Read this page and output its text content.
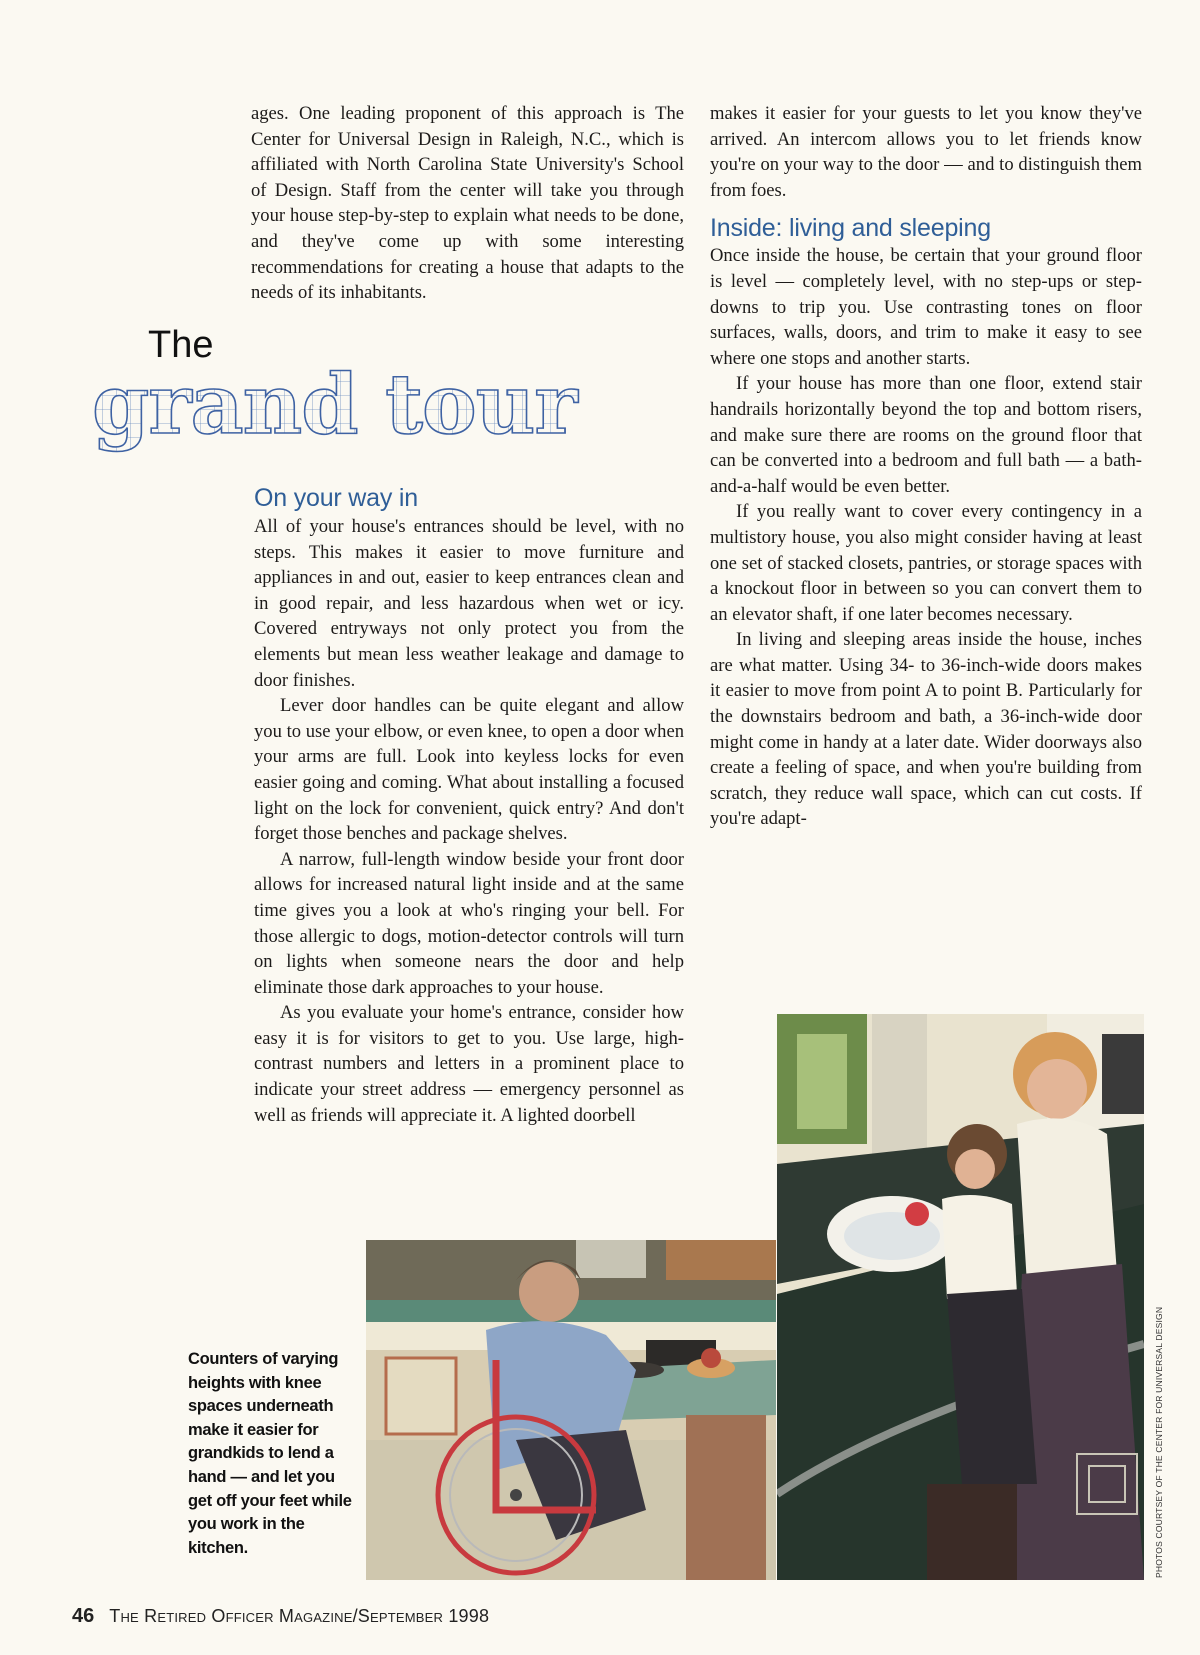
The
grand tour

ages. One leading proponent of this approach is The Center for Universal Design in Raleigh, N.C., which is affiliated with North Carolina State University's School of Design. Staff from the center will take you through your house step-by-step to explain what needs to be done, and they've come up with some interesting recommendations for creating a house that adapts to the needs of its inhabitants.

On your way in

All of your house's entrances should be level, with no steps. This makes it easier to move furniture and appliances in and out, easier to keep entrances clean and in good repair, and less hazardous when wet or icy. Covered entryways not only protect you from the elements but mean less weather leakage and damage to door finishes.

Lever door handles can be quite elegant and allow you to use your elbow, or even knee, to open a door when your arms are full. Look into keyless locks for even easier going and coming. What about installing a focused light on the lock for convenient, quick entry? And don't forget those benches and package shelves.

A narrow, full-length window beside your front door allows for increased natural light inside and at the same time gives you a look at who's ringing your bell. For those allergic to dogs, motion-detector controls will turn on lights when someone nears the door and help eliminate those dark approaches to your house.

As you evaluate your home's entrance, consider how easy it is for visitors to get to you. Use large, high-contrast numbers and letters in a prominent place to indicate your street address — emergency personnel as well as friends will appreciate it. A lighted doorbell

makes it easier for your guests to let you know they've arrived. An intercom allows you to let friends know you're on your way to the door — and to distinguish them from foes.

Inside: living and sleeping

Once inside the house, be certain that your ground floor is level — completely level, with no step-ups or step-downs to trip you. Use contrasting tones on floor surfaces, walls, doors, and trim to make it easy to see where one stops and another starts.

If your house has more than one floor, extend stair handrails horizontally beyond the top and bottom risers, and make sure there are rooms on the ground floor that can be converted into a bedroom and full bath — a bath-and-a-half would be even better.

If you really want to cover every contingency in a multistory house, you also might consider having at least one set of stacked closets, pantries, or storage spaces with a knockout floor in between so you can convert them to an elevator shaft, if one later becomes necessary.

In living and sleeping areas inside the house, inches are what matter. Using 34- to 36-inch-wide doors makes it easier to move from point A to point B. Particularly for the downstairs bedroom and bath, a 36-inch-wide door might come in handy at a later date. Wider doorways also create a feeling of space, and when you're building from scratch, they reduce wall space, which can cut costs. If you're adapt-

Counters of varying heights with knee spaces underneath make it easier for grandkids to lend a hand — and let you get off your feet while you work in the kitchen.	PHOTOS COURTSEY OF THE CENTER FOR UNIVERSAL DESIGN
46 The Retired Officer Magazine/September 1998
